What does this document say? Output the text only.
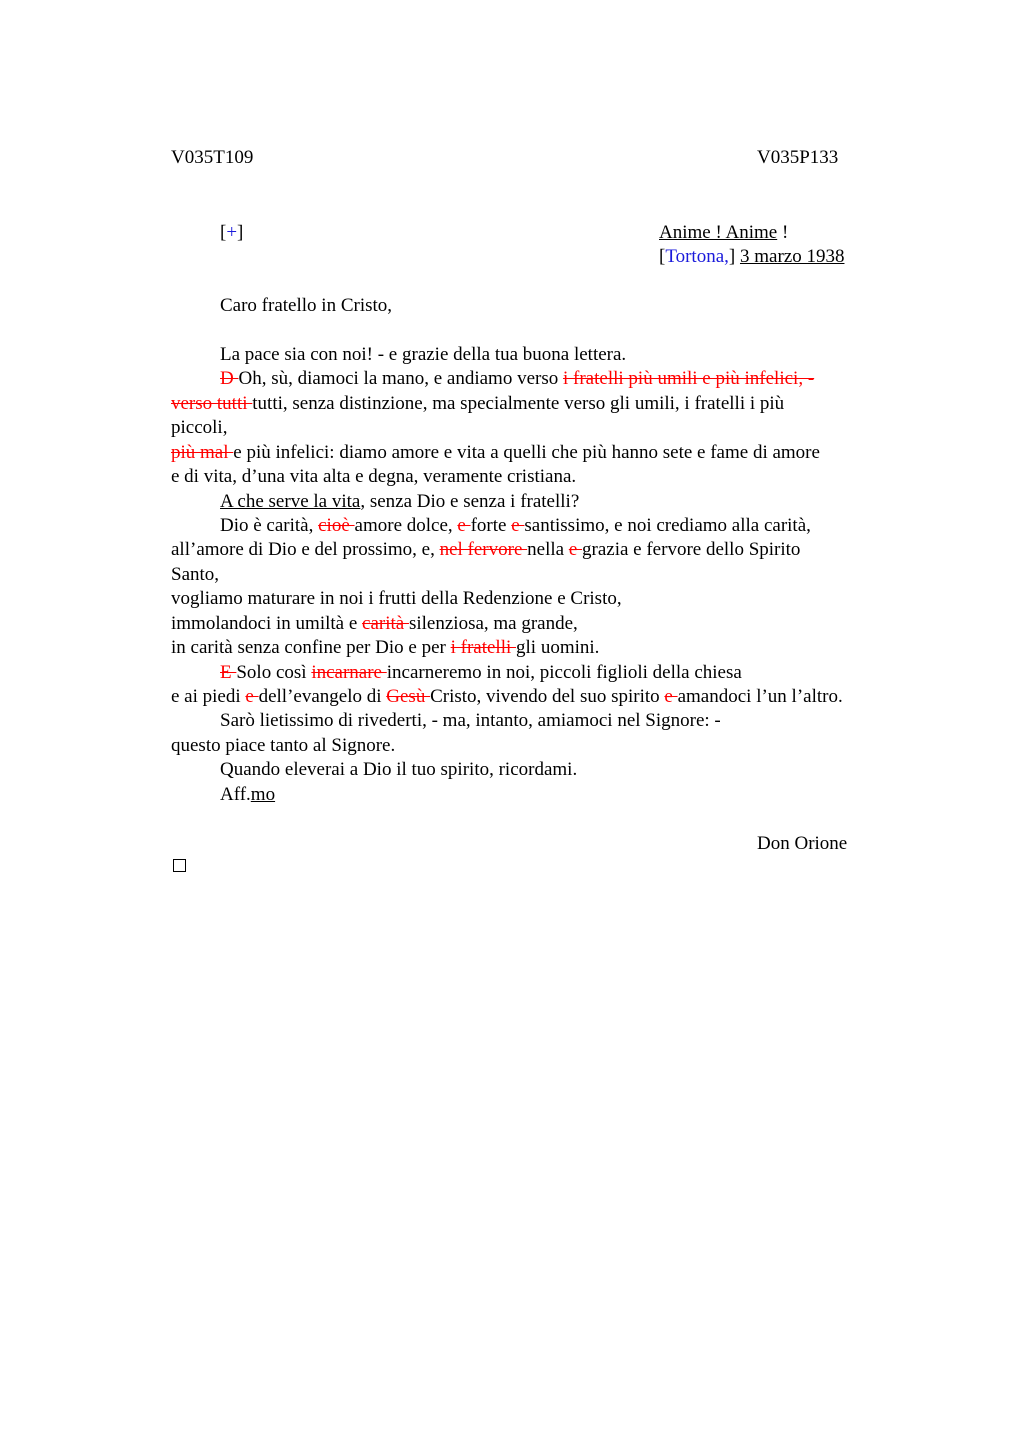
V035T109	V035P133
[+]	Anime ! Anime !
[Tortona,] 3 marzo 1938
Caro fratello in Cristo,
La pace sia con noi! - e grazie della tua buona lettera.
D Oh, sù, diamoci la mano, e andiamo verso i fratelli più umili e più infelici, -
verso tutti tutti, senza distinzione, ma specialmente verso gli umili, i fratelli i più
piccoli,
più mal e più infelici: diamo amore e vita a quelli che più hanno sete e fame di amore
e di vita, d’una vita alta e degna, veramente cristiana.
A che serve la vita, senza Dio e senza i fratelli?
Dio è carità, cioè amore dolce, e forte e santissimo, e noi crediamo alla carità,
all’amore di Dio e del prossimo, e, nel fervore nella e grazia e fervore dello Spirito
Santo,
vogliamo maturare in noi i frutti della Redenzione e Cristo,
immolandoci in umiltà e carità silenziosa, ma grande,
in carità senza confine per Dio e per i fratelli gli uomini.
E Solo così incarnare incarneremo in noi, piccoli figlioli della chiesa
e ai piedi e dell’evangelo di Gesù Cristo, vivendo del suo spirito e amandoci l’un l’altro.
Sarò lietissimo di rivederti, - ma, intanto, amiamoci nel Signore: -
questo piace tanto al Signore.
Quando eleverai a Dio il tuo spirito, ricordami.
Aff.mo
Don Orione
